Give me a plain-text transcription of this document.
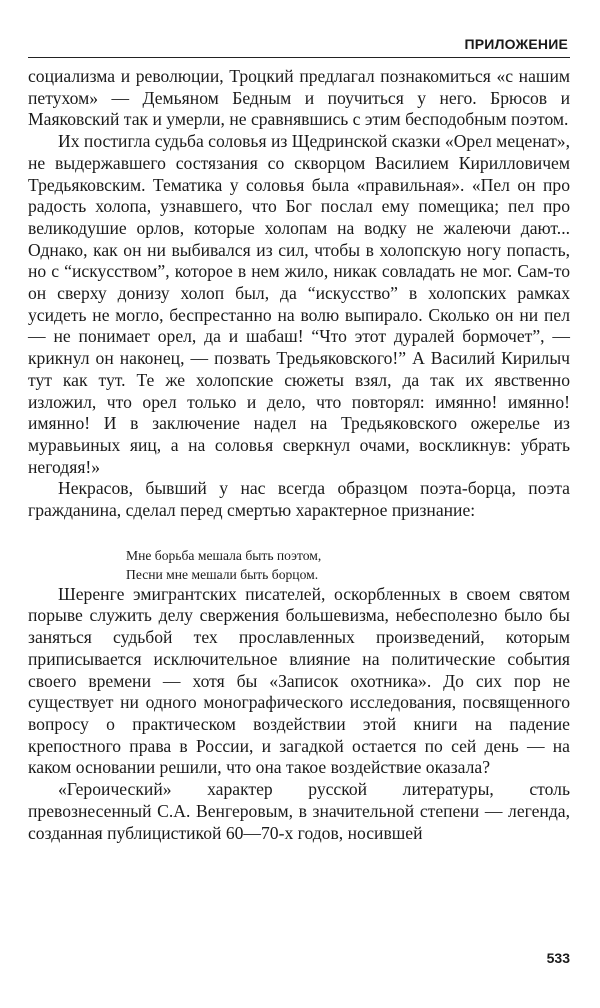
ПРИЛОЖЕНИЕ

социализма и революции, Троцкий предлагал познакомиться «с нашим петухом» — Демьяном Бедным и поучиться у него. Брюсов и Маяковский так и умерли, не сравнявшись с этим бесподобным поэтом.

Их постигла судьба соловья из Щедринской сказки «Орел меценат», не выдержавшего состязания со скворцом Василием Кирилловичем Тредьяковским. Тематика у соловья была «правильная». «Пел он про радость холопа, узнавшего, что Бог послал ему помещика; пел про великодушие орлов, которые холопам на водку не жалеючи дают... Однако, как он ни выбивался из сил, чтобы в холопскую ногу попасть, но с “искусством”, которое в нем жило, никак совладать не мог. Сам-то он сверху донизу холоп был, да “искусство” в холопских рамках усидеть не могло, беспрестанно на волю выпирало. Сколько он ни пел — не понимает орел, да и шабаш! “Что этот дуралей бормочет”, — крикнул он наконец, — позвать Тредьяковского!” А Василий Кирилыч тут как тут. Те же холопские сюжеты взял, да так их явственно изложил, что орел только и дело, что повторял: имянно! имянно! имянно! И в заключение надел на Тредьяковского ожерелье из муравьиных яиц, а на соловья сверкнул очами, воскликнув: убрать негодяя!»

Некрасов, бывший у нас всегда образцом поэта-борца, поэта гражданина, сделал перед смертью характерное признание:

Мне борьба мешала быть поэтом,
Песни мне мешали быть борцом.

Шеренге эмигрантских писателей, оскорбленных в своем святом порыве служить делу свержения большевизма, небесполезно было бы заняться судьбой тех прославленных произведений, которым приписывается исключительное влияние на политические события своего времени — хотя бы «Записок охотника». До сих пор не существует ни одного монографического исследования, посвященного вопросу о практическом воздействии этой книги на падение крепостного права в России, и загадкой остается по сей день — на каком основании решили, что она такое воздействие оказала?

«Героический» характер русской литературы, столь превознесенный С.А. Венгеровым, в значительной степени — легенда, созданная публицистикой 60—70-х годов, носившей

533
